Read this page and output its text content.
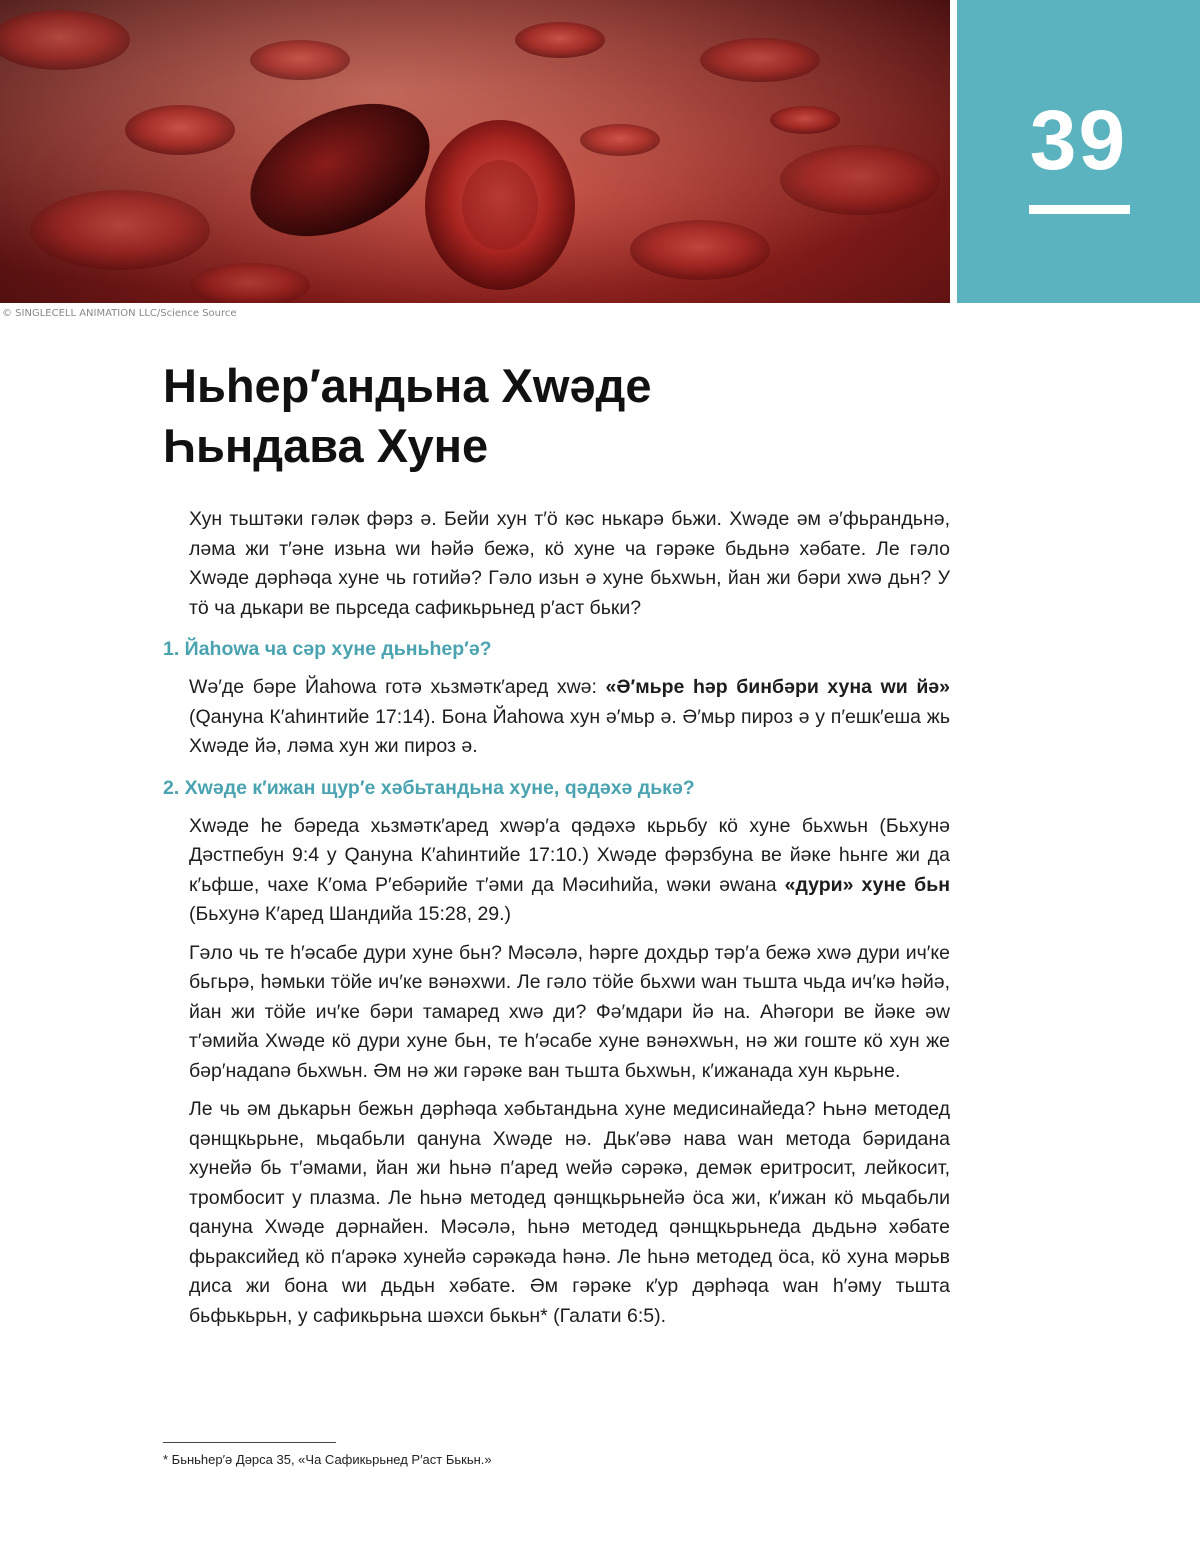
39
© SINGLECELL ANIMATION LLC/Science Source
Ньһер′андьна Хwәде
Һьндава Хуне

Хун тьштәки гәләк фәрз ә. Бейи хун т′ӧ кәс нькарә бьжи. Хwәде әм ә′фьрандьнә, ләма жи т′әне изьна wи һәйә бежә, кӧ хуне ча гәрәке бьдьнә хәбате. Ле гәло Хwәде дәрһәqа хуне чь готийә? Гәло изьн ә хуне бьхwьн, йан жи бәри хwә дьн? У тӧ ча дькари ве пьрседа сафикьрьнед р′аст бьки?

1. Йаһоwа ча сәр хуне дьньһер′ә?

Wә′де бәре Йаһоwа готә хьзмәтк′аред хwә: «Ә′мьре һәр бинбәри хуна wи йә» (Qануна К′аһинтийе 17:14). Бона Йаһоwа хун ә′мьр ә. Ә′мьр пироз ә у п′ешк′еша жь Хwәде йә, ләма хун жи пироз ә.

2. Хwәде к′ижан щур′е хәбьтандьна хуне, qәдәхә дькә?

Хwәде һе бәреда хьзмәтк′аред хwәр′а qәдәхә кьрьбу кӧ хуне бьхwьн (Бьхунә Дәстпебун 9:4 у Qануна К′аһинтийе 17:10.) Хwәде фәрзбуна ве йәке һьнге жи да к′ьфше, чахе К′ома Р′ебәрийе т′әми да Мәсиһийа, wәки әwана «дури» хуне бьн (Бьхунә К′аред Шандийа 15:28, 29.)

Гәло чь те һ′әсабе дури хуне бьн? Мәсәлә, һәрге дохдьр тәр′а бежә хwә дури ич′ке бьгьрә, һәмьки тӧйе ич′ке вәнәхwи. Ле гәло тӧйе бьхwи wан тьшта чьда ич′кә һәйә, йан жи тӧйе ич′ке бәри тамаред хwә ди? Фә′мдари йә на. Аһәгори ве йәке әw т′әмийа Хwәде кӧ дури хуне бьн, те һ′әсабе хуне вәнәхwьн, нә жи гоште кӧ хун же бәр′надanә бьхwьн. Әм нә жи гәрәке ван тьшта бьхwьн, к′ижанада хун кьрьне.

Ле чь әм дькарьн бежьн дәрһәqа хәбьтандьна хуне медисинайеда? Һьнә методед qәнщкьрьне, мьqабьли qануна Хwәде нә. Дьк′әвә нава wан метода бәридана хунейә бь т′әмами, йан жи һьнә п′аред wейә сәрәкә, демәк еритросит, лейкосит, тромбосит у плазма. Ле һьнә методед qәнщкьрьнейә ӧса жи, к′ижан кӧ мьqабьли qануна Хwәде дәрнайен. Мәсәлә, һьнә методед qәнщкьрьнеда дьдьнә хәбате фьраксийед кӧ п′арәкә хунейә сәрәкәда һәнә. Ле һьнә методед ӧса, кӧ хуна мәрьв диса жи бона wи дьдьн хәбате. Әм гәрәке к′ур дәрһәqа wан һ′әму тьшта бьфькьрьн, у сафикьрьна шәхси бькьн* (Галати 6:5).

* Бьньһер′ә Дәрса 35, «Ча Сафикьрьнед Р′аст Бькьн.»
